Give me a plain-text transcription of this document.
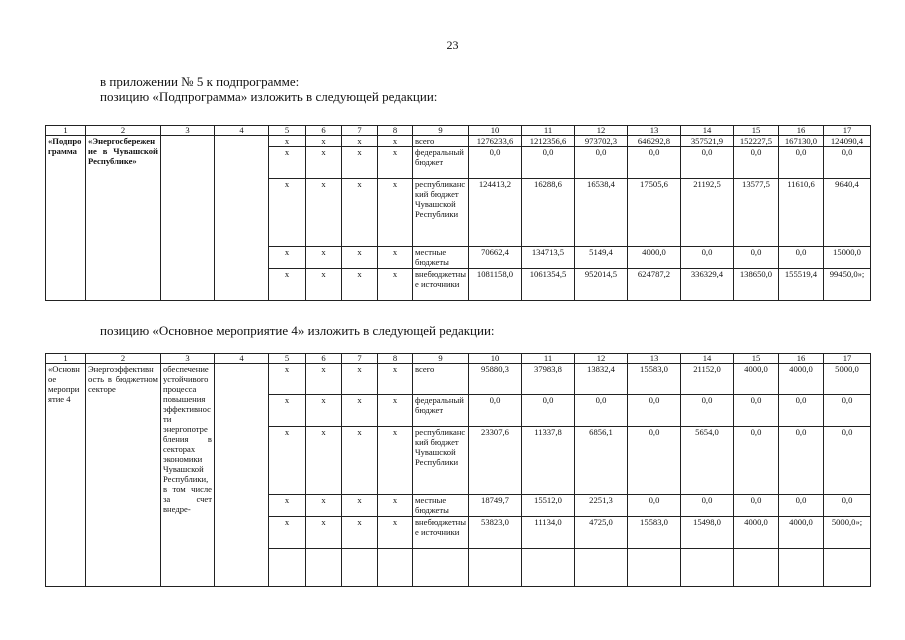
23
в приложении № 5 к подпрограмме:
позицию «Подпрограмма» изложить в следующей редакции:
позицию «Основное мероприятие 4» изложить в следующей редакции:
1	2	3	4	5	6	7	8	9	10	11	12	13	14	15	16	17
«Подпрограмма	«Энергосбережение в Чувашской Республике»			х	х	х	х	всего	1276233,6	1212356,6	973702,3	646292,8	357521,9	152227,5	167130,0	124090,4
				х	х	х	х	федеральный бюджет	0,0	0,0	0,0	0,0	0,0	0,0	0,0	0,0
				х	х	х	х	республиканский бюджет Чувашской Республики	124413,2	16288,6	16538,4	17505,6	21192,5	13577,5	11610,6	9640,4
				х	х	х	х	местные бюджеты	70662,4	134713,5	5149,4	4000,0	0,0	0,0	0,0	15000,0
				х	х	х	х	внебюджетные источники	1081158,0	1061354,5	952014,5	624787,2	336329,4	138650,0	155519,4	99450,0»;
1	2	3	4	5	6	7	8	9	10	11	12	13	14	15	16	17
«Основное мероприятие 4	Энергоэффективность в бюджетном секторе	обеспечение устойчивого процесса повышения эффективности энергопотребления в секторах экономики Чувашской Республики, в том числе за счет внедре-		х	х	х	х	всего	95880,3	37983,8	13832,4	15583,0	21152,0	4000,0	4000,0	5000,0
				х	х	х	х	федеральный бюджет	0,0	0,0	0,0	0,0	0,0	0,0	0,0	0,0
				х	х	х	х	республиканский бюджет Чувашской Республики	23307,6	11337,8	6856,1	0,0	5654,0	0,0	0,0	0,0
				х	х	х	х	местные бюджеты	18749,7	15512,0	2251,3	0,0	0,0	0,0	0,0	0,0
				х	х	х	х	внебюджетные источники	53823,0	11134,0	4725,0	15583,0	15498,0	4000,0	4000,0	5000,0»;
